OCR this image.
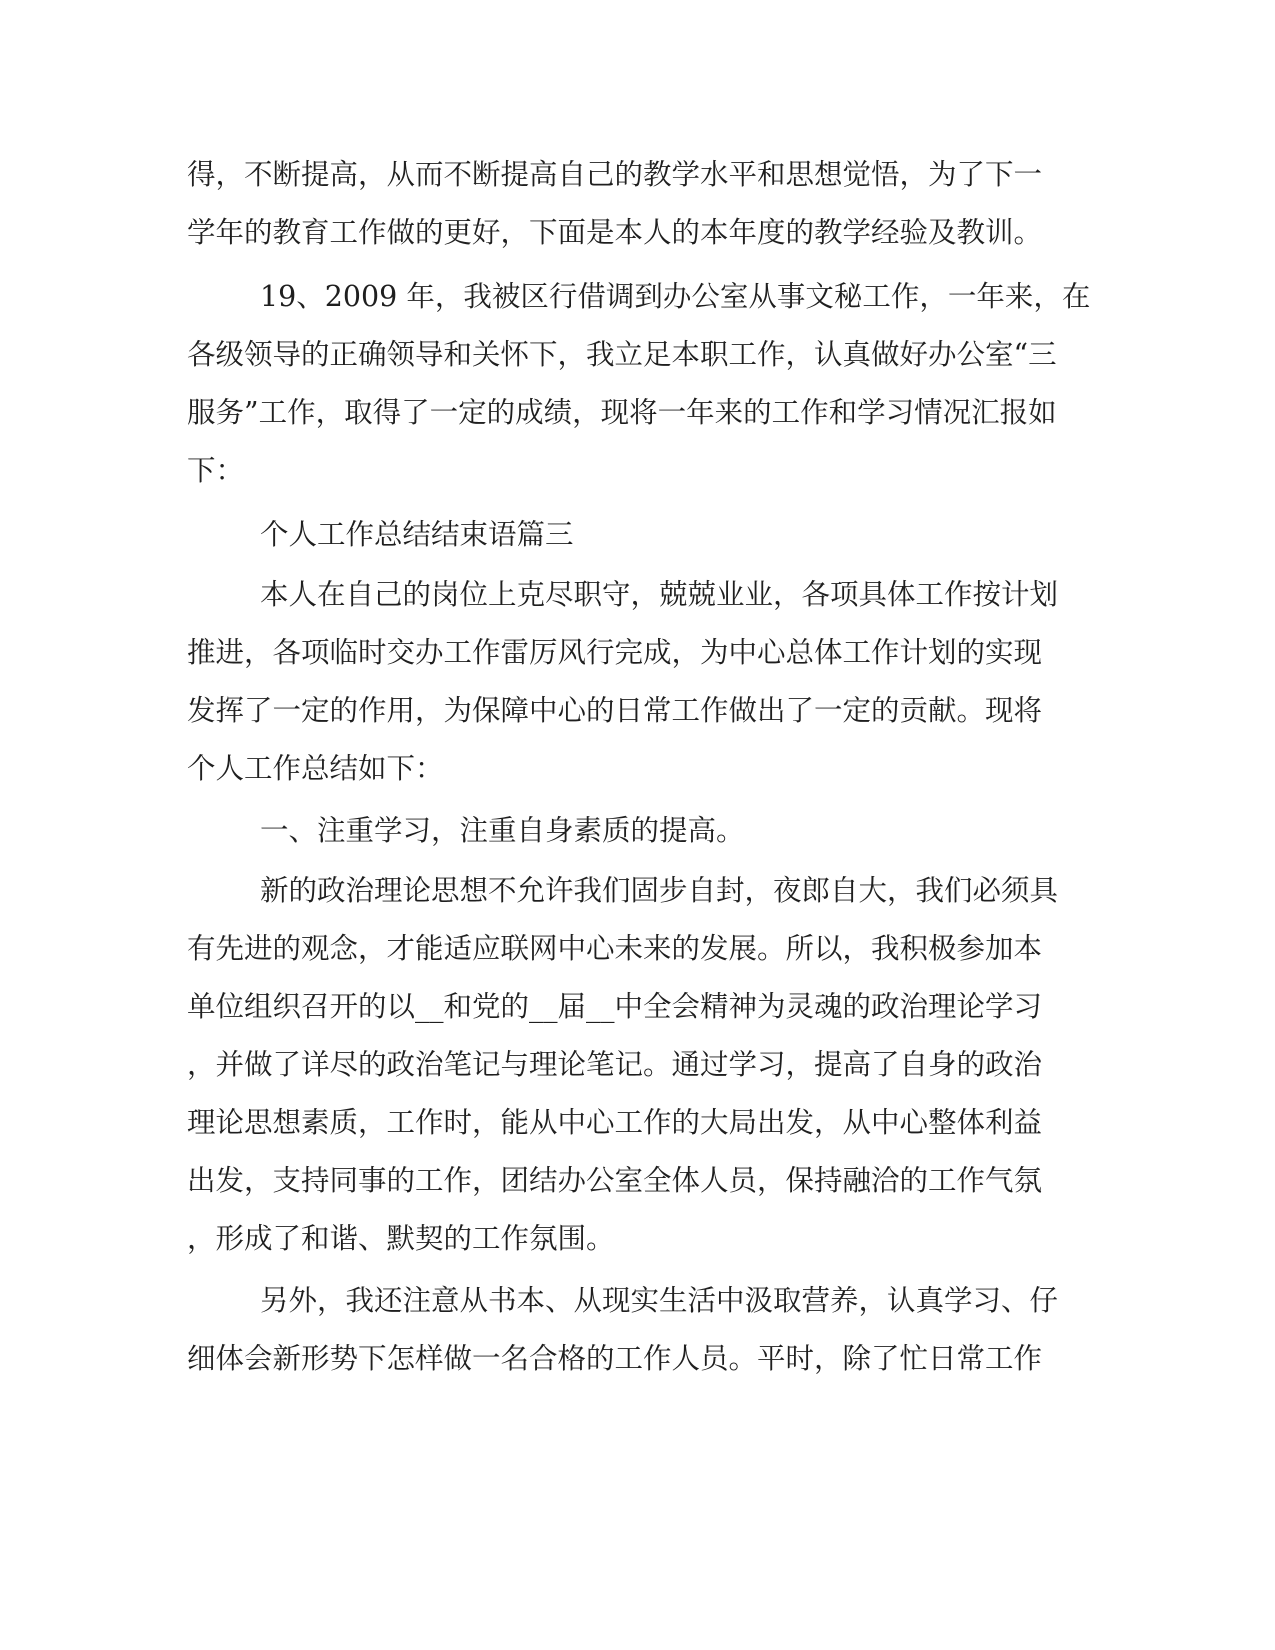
得，不断提高，从而不断提高自己的教学水平和思想觉悟，为了下一
学年的教育工作做的更好，下面是本人的本年度的教学经验及教训。
19、2009 年，我被区行借调到办公室从事文秘工作，一年来，在
各级领导的正确领导和关怀下，我立足本职工作，认真做好办公室“三
服务”工作，取得了一定的成绩，现将一年来的工作和学习情况汇报如
下：
个人工作总结结束语篇三
本人在自己的岗位上克尽职守，兢兢业业，各项具体工作按计划
推进，各项临时交办工作雷厉风行完成，为中心总体工作计划的实现
发挥了一定的作用，为保障中心的日常工作做出了一定的贡献。现将
个人工作总结如下：
一、注重学习，注重自身素质的提高。
新的政治理论思想不允许我们固步自封，夜郎自大，我们必须具
有先进的观念，才能适应联网中心未来的发展。所以，我积极参加本
单位组织召开的以__和党的__届__中全会精神为灵魂的政治理论学习
，并做了详尽的政治笔记与理论笔记。通过学习，提高了自身的政治
理论思想素质，工作时，能从中心工作的大局出发，从中心整体利益
出发，支持同事的工作，团结办公室全体人员，保持融洽的工作气氛
，形成了和谐、默契的工作氛围。
另外，我还注意从书本、从现实生活中汲取营养，认真学习、仔
细体会新形势下怎样做一名合格的工作人员。平时，除了忙日常工作
